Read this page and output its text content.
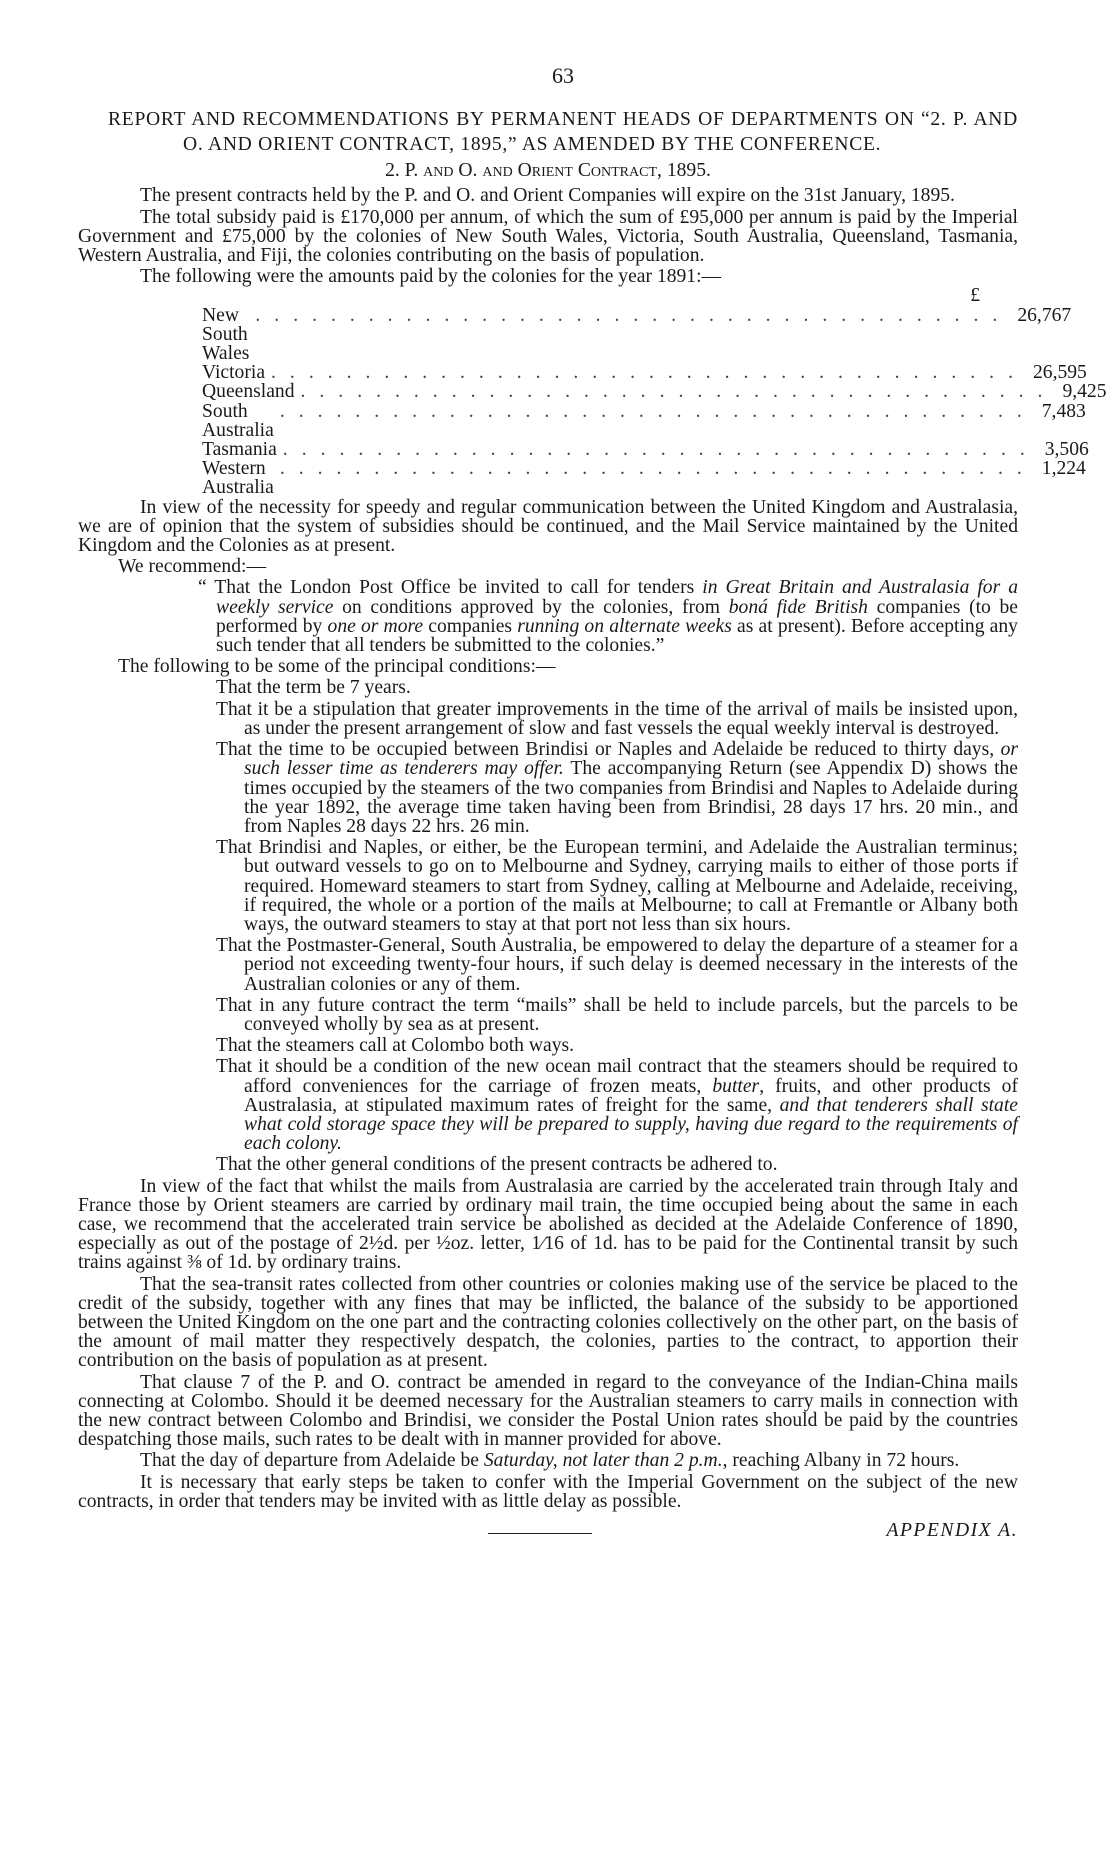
63

REPORT AND RECOMMENDATIONS BY PERMANENT HEADS OF DEPARTMENTS ON “2. P. AND O. AND ORIENT CONTRACT, 1895,” AS AMENDED BY THE CONFERENCE.

2. P. and O. and Orient Contract, 1895.

The present contracts held by the P. and O. and Orient Companies will expire on the 31st January, 1895.

The total subsidy paid is £170,000 per annum, of which the sum of £95,000 per annum is paid by the Imperial Government and £75,000 by the colonies of New South Wales, Victoria, South Australia, Queensland, Tasmania, Western Australia, and Fiji, the colonies contributing on the basis of population.

The following were the amounts paid by the colonies for the year 1891:—

£
New South Wales
........................................ 26,767
Victoria ........................................ 26,595
Queensland ........................................ 9,425
South Australia
........................................ 7,483
Tasmania ........................................ 3,506
Western Australia
........................................ 1,224

In view of the necessity for speedy and regular communication between the United Kingdom and Australasia, we are of opinion that the system of subsidies should be continued, and the Mail Service maintained by the United Kingdom and the Colonies as at present.

We recommend:—

“ That the London Post Office be invited to call for tenders in Great Britain and Australasia for a weekly service on conditions approved by the colonies, from boná fide British companies (to be performed by one or more companies running on alternate weeks as at present). Before accepting any such tender that all tenders be submitted to the colonies.”

The following to be some of the principal conditions:—

That the term be 7 years.

That it be a stipulation that greater improvements in the time of the arrival of mails be insisted upon, as under the present arrangement of slow and fast vessels the equal weekly interval is destroyed.

That the time to be occupied between Brindisi or Naples and Adelaide be reduced to thirty days, or such lesser time as tenderers may offer. The accompanying Return (see Appendix D) shows the times occupied by the steamers of the two companies from Brindisi and Naples to Adelaide during the year 1892, the average time taken having been from Brindisi, 28 days 17 hrs. 20 min., and from Naples 28 days 22 hrs. 26 min.

That Brindisi and Naples, or either, be the European termini, and Adelaide the Australian terminus; but outward vessels to go on to Melbourne and Sydney, carrying mails to either of those ports if required. Homeward steamers to start from Sydney, calling at Melbourne and Adelaide, receiving, if required, the whole or a portion of the mails at Melbourne; to call at Fremantle or Albany both ways, the outward steamers to stay at that port not less than six hours.

That the Postmaster-General, South Australia, be empowered to delay the departure of a steamer for a period not exceeding twenty-four hours, if such delay is deemed necessary in the interests of the Australian colonies or any of them.

That in any future contract the term “mails” shall be held to include parcels, but the parcels to be conveyed wholly by sea as at present.

That the steamers call at Colombo both ways.

That it should be a condition of the new ocean mail contract that the steamers should be required to afford conveniences for the carriage of frozen meats, butter, fruits, and other products of Australasia, at stipulated maximum rates of freight for the same, and that tenderers shall state what cold storage space they will be prepared to supply, having due regard to the requirements of each colony.

That the other general conditions of the present contracts be adhered to.

In view of the fact that whilst the mails from Australasia are carried by the accelerated train through Italy and France those by Orient steamers are carried by ordinary mail train, the time occupied being about the same in each case, we recommend that the accelerated train service be abolished as decided at the Adelaide Conference of 1890, especially as out of the postage of 2½d. per ½oz. letter, 1⁄16 of 1d. has to be paid for the Continental transit by such trains against ⅜ of 1d. by ordinary trains.

That the sea-transit rates collected from other countries or colonies making use of the service be placed to the credit of the subsidy, together with any fines that may be inflicted, the balance of the subsidy to be apportioned between the United Kingdom on the one part and the contracting colonies collectively on the other part, on the basis of the amount of mail matter they respectively despatch, the colonies, parties to the contract, to apportion their contribution on the basis of population as at present.

That clause 7 of the P. and O. contract be amended in regard to the conveyance of the Indian-China mails connecting at Colombo. Should it be deemed necessary for the Australian steamers to carry mails in connection with the new contract between Colombo and Brindisi, we consider the Postal Union rates should be paid by the countries despatching those mails, such rates to be dealt with in manner provided for above.

That the day of departure from Adelaide be Saturday, not later than 2 p.m., reaching Albany in 72 hours.

It is necessary that early steps be taken to confer with the Imperial Government on the subject of the new contracts, in order that tenders may be invited with as little delay as possible.

APPENDIX A.
